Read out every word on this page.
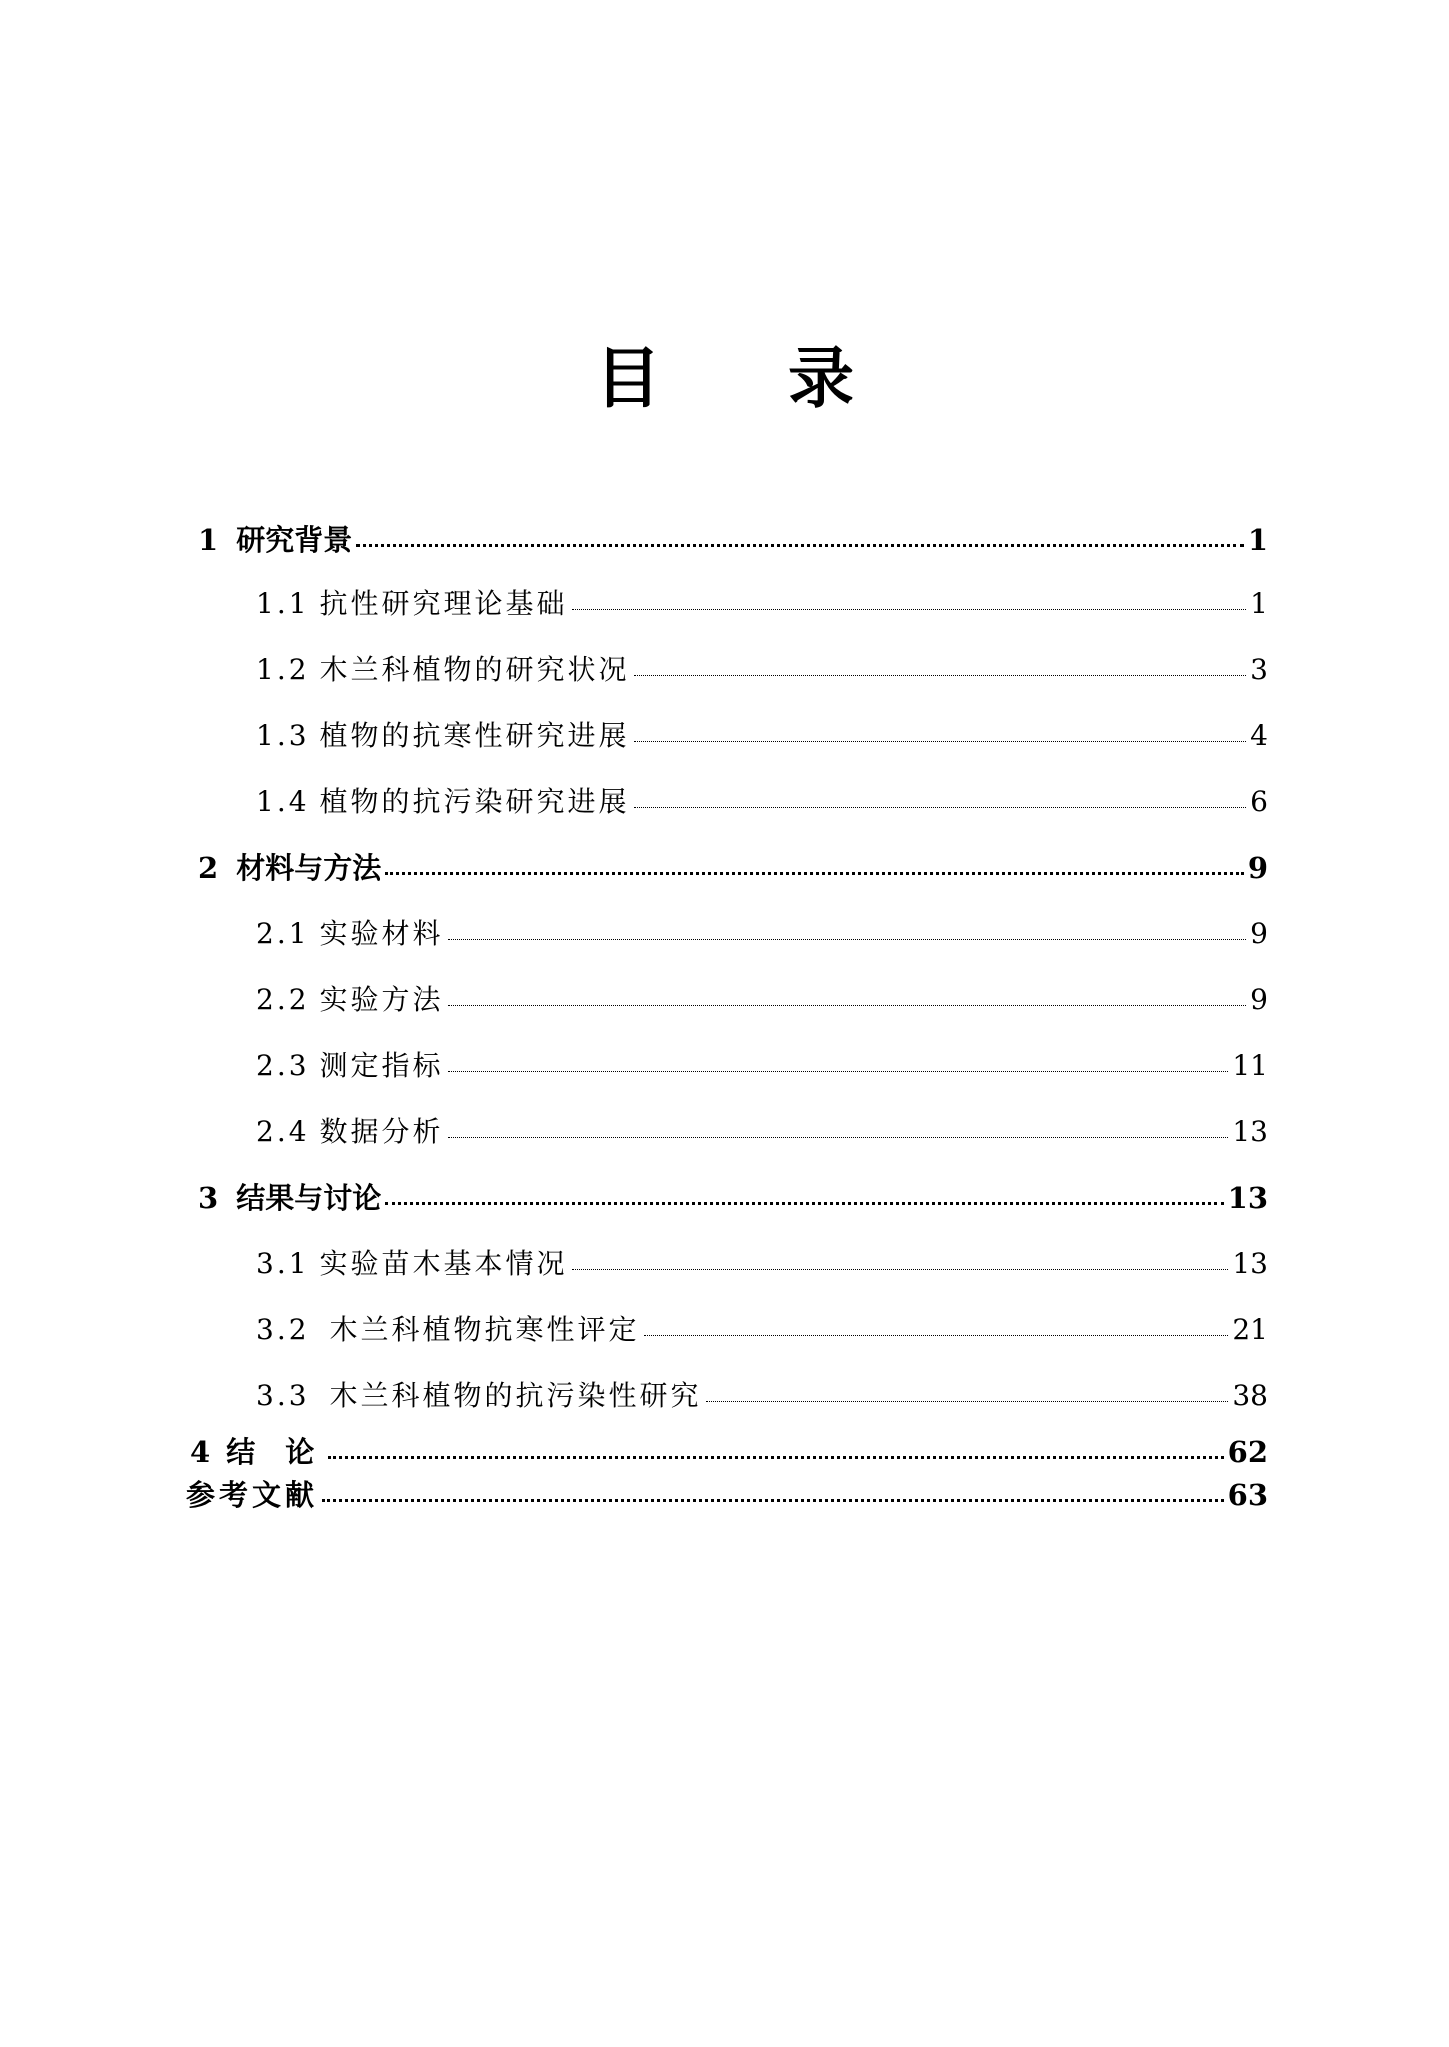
目 录
1 研究背景	1
1.1 抗性研究理论基础	1
1.2 木兰科植物的研究状况	3
1.3 植物的抗寒性研究进展	4
1.4 植物的抗污染研究进展	6
2 材料与方法	9
2.1 实验材料	9
2.2 实验方法	9
2.3 测定指标	11
2.4 数据分析	13
3 结果与讨论	13
3.1 实验苗木基本情况	13
3.2 木兰科植物抗寒性评定	21
3.3 木兰科植物的抗污染性研究	38
4 结 论	62
参考文献	63
